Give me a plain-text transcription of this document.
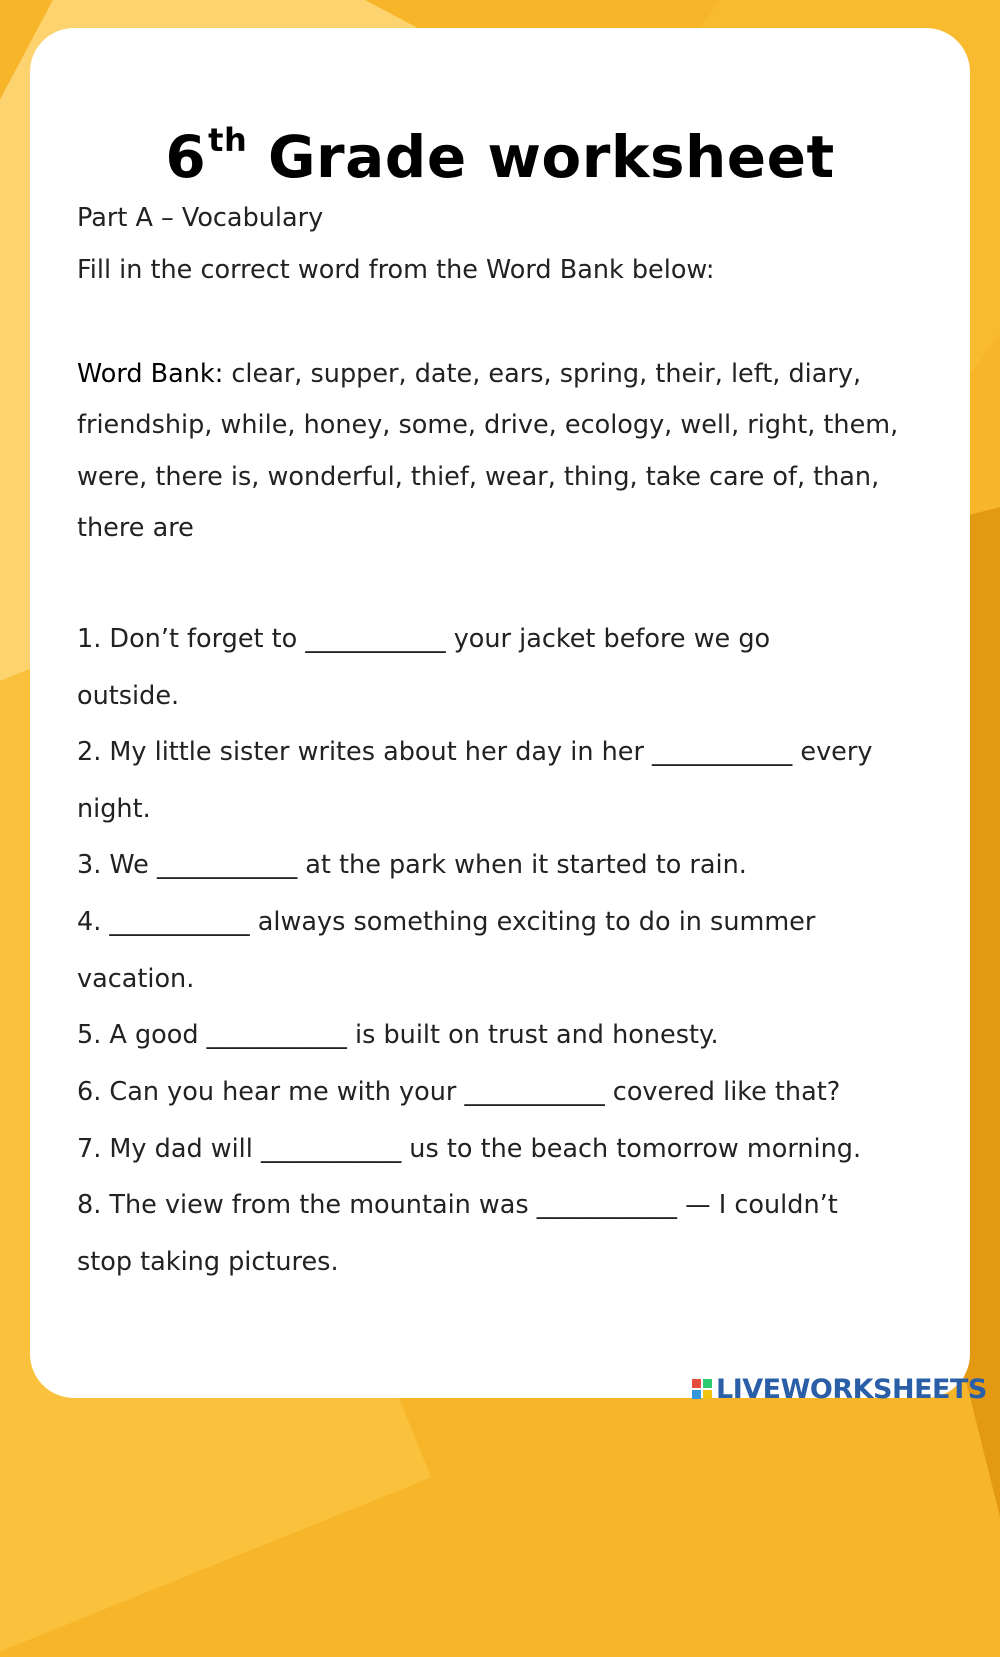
6th Grade worksheet

Part A – Vocabulary

Fill in the correct word from the Word Bank below:

Word Bank: clear, supper, date, ears, spring, their, left, diary,

friendship, while, honey, some, drive, ecology, well, right, them,

were, there is, wonderful, thief, wear, thing, take care of, than,

there are

1. Don’t forget to ___________ your jacket before we go

outside.

2. My little sister writes about her day in her ___________ every

night.

3. We ___________ at the park when it started to rain.

4. ___________ always something exciting to do in summer

vacation.

5. A good ___________ is built on trust and honesty.

6. Can you hear me with your ___________ covered like that?

7. My dad will ___________ us to the beach tomorrow morning.

8. The view from the mountain was ___________ — I couldn’t

stop taking pictures.

LIVEWORKSHEETS
